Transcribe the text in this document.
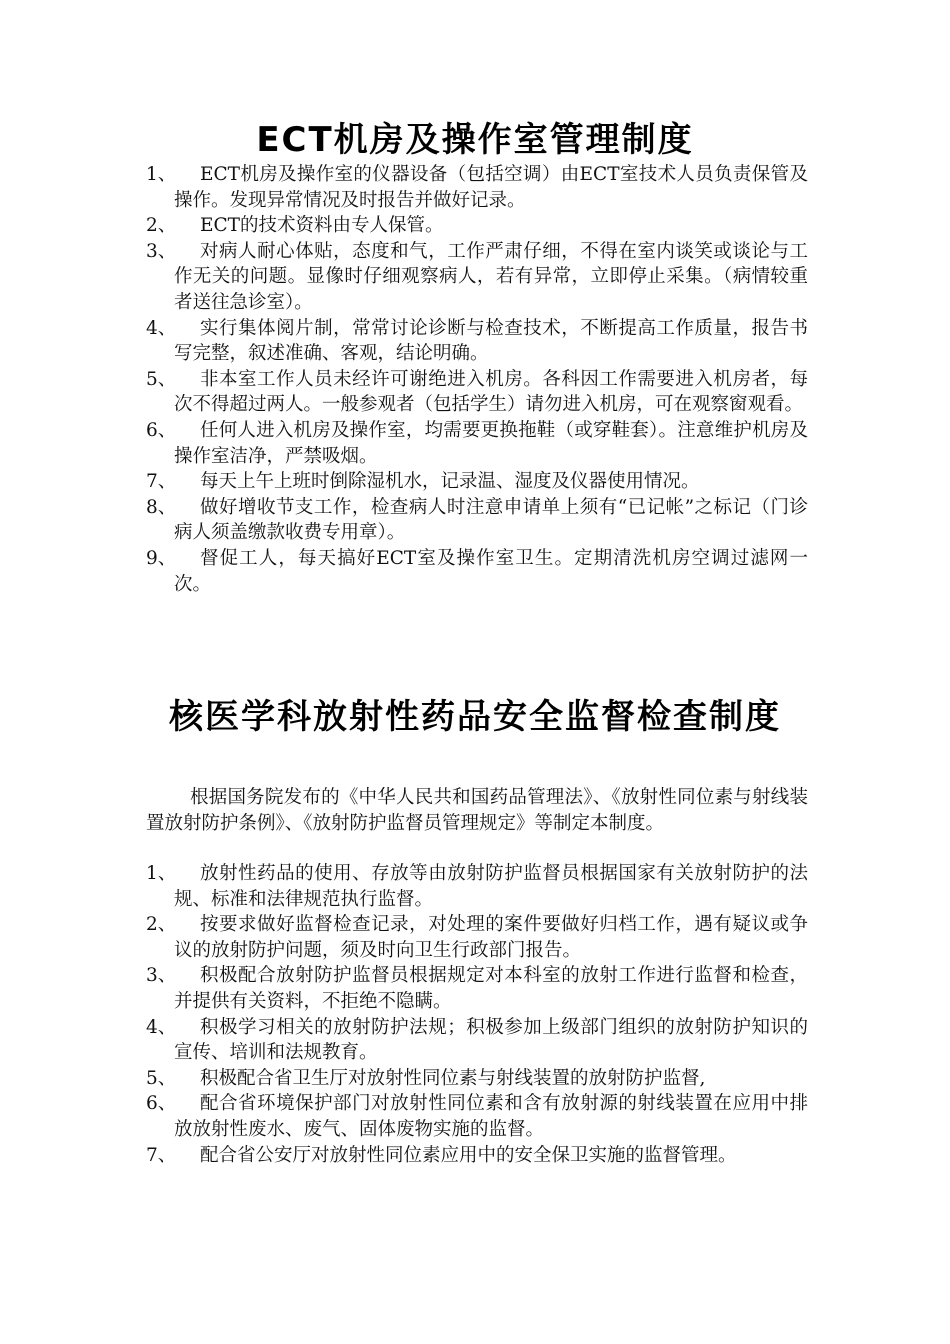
ECT机房及操作室管理制度
1、	ECT机房及操作室的仪器设备（包括空调）由ECT室技术人员负责保管及操作。发现异常情况及时报告并做好记录。
2、	ECT的技术资料由专人保管。
3、	对病人耐心体贴，态度和气，工作严肃仔细，不得在室内谈笑或谈论与工作无关的问题。显像时仔细观察病人，若有异常，立即停止采集。（病情较重者送往急诊室）。
4、	实行集体阅片制，常常讨论诊断与检查技术，不断提高工作质量，报告书写完整，叙述准确、客观，结论明确。
5、	非本室工作人员未经许可谢绝进入机房。各科因工作需要进入机房者，每次不得超过两人。一般参观者（包括学生）请勿进入机房，可在观察窗观看。
6、	任何人进入机房及操作室，均需要更换拖鞋（或穿鞋套）。注意维护机房及操作室洁净，严禁吸烟。
7、	每天上午上班时倒除湿机水，记录温、湿度及仪器使用情况。
8、	做好增收节支工作，检查病人时注意申请单上须有“已记帐”之标记（门诊病人须盖缴款收费专用章）。
9、	督促工人，每天搞好ECT室及操作室卫生。定期清洗机房空调过滤网一次。
核医学科放射性药品安全监督检查制度

根据国务院发布的《中华人民共和国药品管理法》、《放射性同位素与射线装置放射防护条例》、《放射防护监督员管理规定》等制定本制度。

1、	放射性药品的使用、存放等由放射防护监督员根据国家有关放射防护的法规、标准和法律规范执行监督。
2、	按要求做好监督检查记录，对处理的案件要做好归档工作，遇有疑议或争议的放射防护问题，须及时向卫生行政部门报告。
3、	积极配合放射防护监督员根据规定对本科室的放射工作进行监督和检查，并提供有关资料，不拒绝不隐瞒。
4、	积极学习相关的放射防护法规；积极参加上级部门组织的放射防护知识的宣传、培训和法规教育。
5、	积极配合省卫生厅对放射性同位素与射线装置的放射防护监督,
6、	配合省环境保护部门对放射性同位素和含有放射源的射线装置在应用中排放放射性废水、废气、固体废物实施的监督。
7、	配合省公安厅对放射性同位素应用中的安全保卫实施的监督管理。
